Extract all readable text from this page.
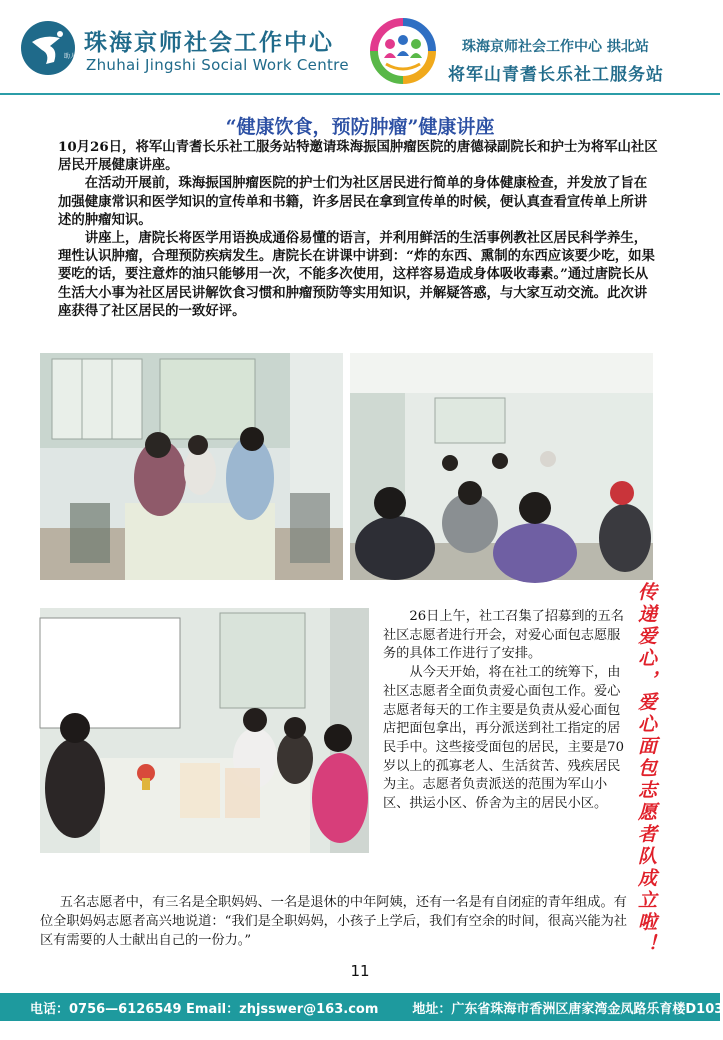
助人自助
珠海京师社会工作中心
Zhuhai Jingshi Social Work Centre
珠海京师社会工作中心 拱北站
将军山青耆长乐社工服务站
“健康饮食，预防肿瘤”健康讲座

10月26日，将军山青耆长乐社工服务站特邀请珠海振国肿瘤医院的唐德禄副院长和护士为将军山社区居民开展健康讲座。

在活动开展前，珠海振国肿瘤医院的护士们为社区居民进行简单的身体健康检查，并发放了旨在加强健康常识和医学知识的宣传单和书籍，许多居民在拿到宣传单的时候，便认真查看宣传单上所讲述的肿瘤知识。

讲座上，唐院长将医学用语换成通俗易懂的语言，并利用鲜活的生活事例教社区居民科学养生，理性认识肿瘤，合理预防疾病发生。唐院长在讲课中讲到：“炸的东西、熏制的东西应该要少吃，如果要吃的话，要注意炸的油只能够用一次，不能多次使用，这样容易造成身体吸收毒素。”通过唐院长从生活大小事为社区居民讲解饮食习惯和肿瘤预防等实用知识，并解疑答惑，与大家互动交流。此次讲座获得了社区居民的一致好评。

26日上午，社工召集了招募到的五名社区志愿者进行开会，对爱心面包志愿服务的具体工作进行了安排。

从今天开始，将在社工的统筹下，由社区志愿者全面负责爱心面包工作。爱心志愿者每天的工作主要是负责从爱心面包店把面包拿出，再分派送到社工指定的居民手中。这些接受面包的居民，主要是70岁以上的孤寡老人、生活贫苦、残疾居民为主。志愿者负责派送的范围为军山小区、拱运小区、侨舍为主的居民小区。	传递爱心，爱心面包志愿者队成立啦！

五名志愿者中，有三名是全职妈妈、一名是退休的中年阿姨，还有一名是有自闭症的青年组成。有位全职妈妈志愿者高兴地说道：“我们是全职妈妈，小孩子上学后，我们有空余的时间，很高兴能为社区有需要的人士献出自己的一份力。”

11
电话：0756—6126549 Email：zhjsswer@163.com	地址：广东省珠海市香洲区唐家湾金凤路乐育楼D103
